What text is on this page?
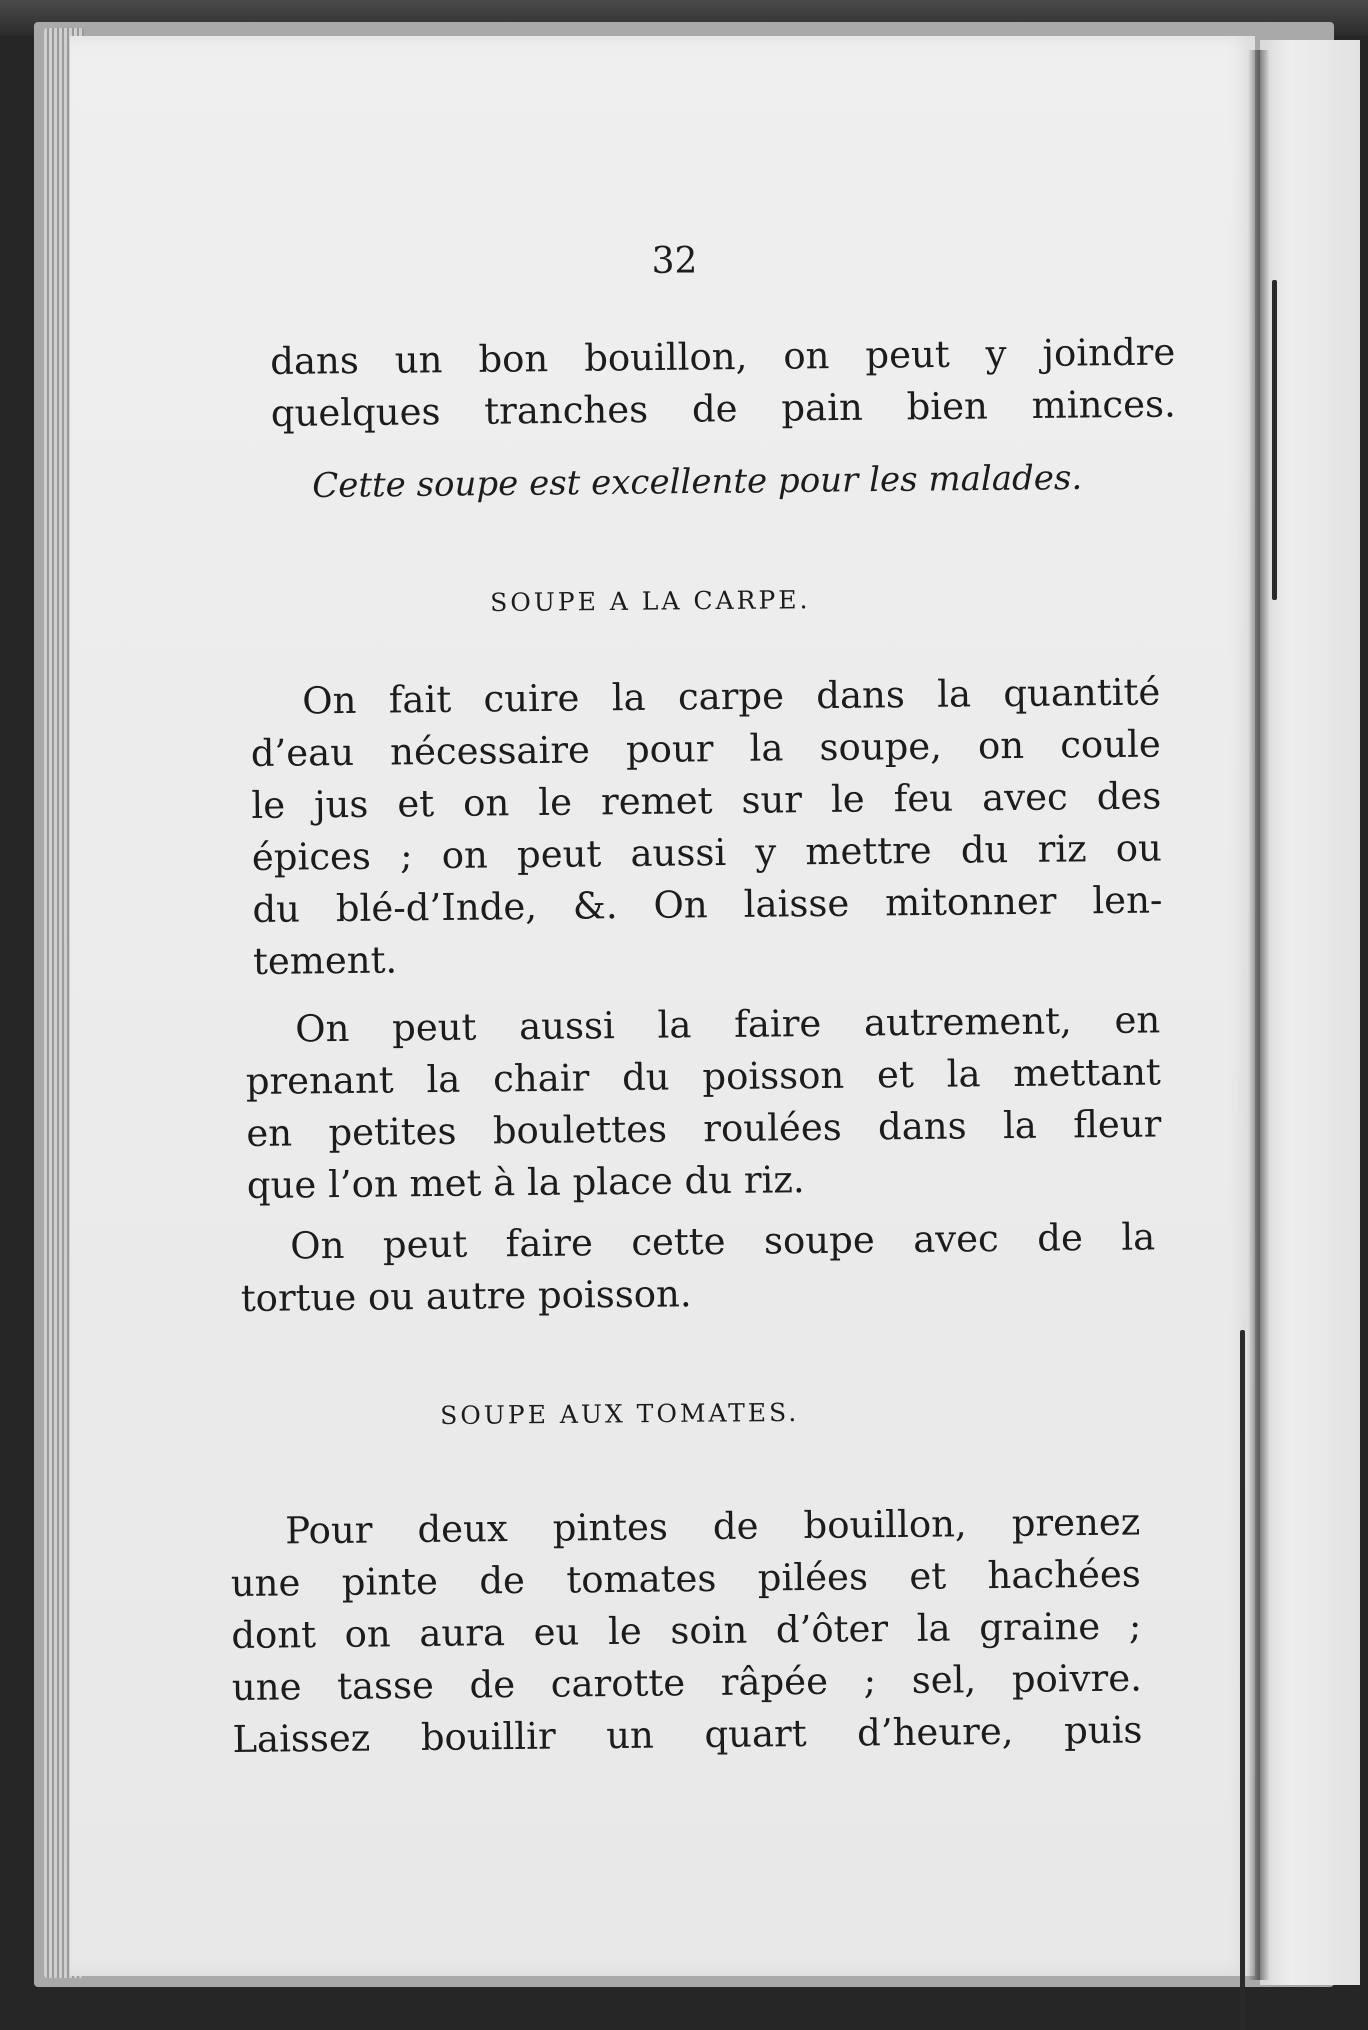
32
dans un bon bouillon, on peut y joindre
quelques tranches de pain bien minces.
Cette soupe est excellente pour les malades.
SOUPE A LA CARPE.
On fait cuire la carpe dans la quantité
d’eau nécessaire pour la soupe, on coule
le jus et on le remet sur le feu avec des
épices ; on peut aussi y mettre du riz ou
du blé-d’Inde, &. On laisse mitonner len-
tement.
On peut aussi la faire autrement, en
prenant la chair du poisson et la mettant
en petites boulettes roulées dans la fleur
que l’on met à la place du riz.
On peut faire cette soupe avec de la
tortue ou autre poisson.
SOUPE AUX TOMATES.
Pour deux pintes de bouillon, prenez
une pinte de tomates pilées et hachées
dont on aura eu le soin d’ôter la graine ;
une tasse de carotte râpée ; sel, poivre.
Laissez bouillir un quart d’heure, puis
